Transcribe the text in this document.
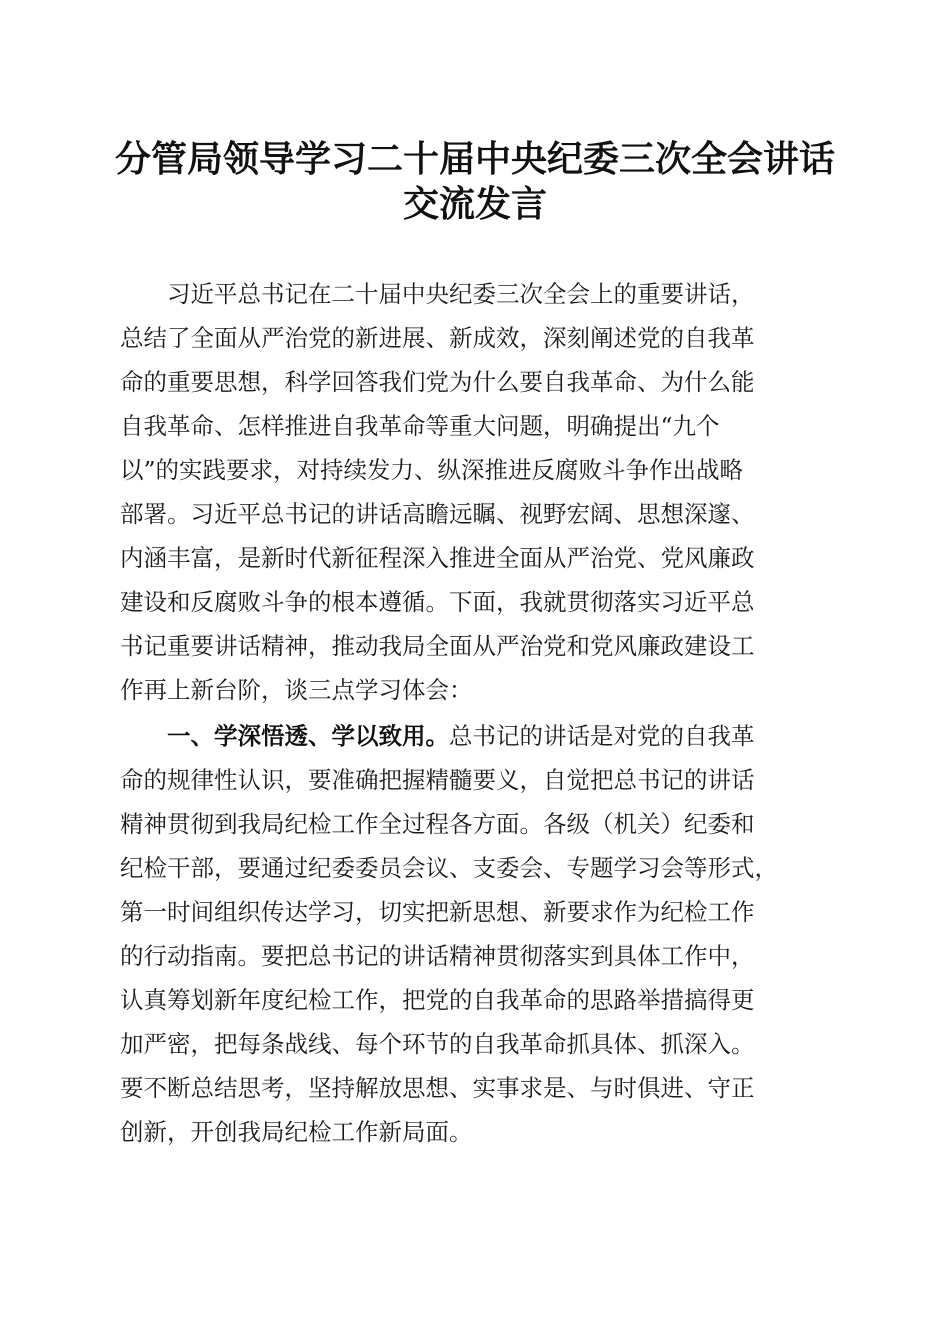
分管局领导学习二十届中央纪委三次全会讲话
交流发言
习近平总书记在二十届中央纪委三次全会上的重要讲话，
总结了全面从严治党的新进展、新成效，深刻阐述党的自我革
命的重要思想，科学回答我们党为什么要自我革命、为什么能
自我革命、怎样推进自我革命等重大问题，明确提出“九个
以”的实践要求，对持续发力、纵深推进反腐败斗争作出战略
部署。习近平总书记的讲话高瞻远瞩、视野宏阔、思想深邃、
内涵丰富，是新时代新征程深入推进全面从严治党、党风廉政
建设和反腐败斗争的根本遵循。下面，我就贯彻落实习近平总
书记重要讲话精神，推动我局全面从严治党和党风廉政建设工
作再上新台阶，谈三点学习体会：
一、学深悟透、学以致用。总书记的讲话是对党的自我革
命的规律性认识，要准确把握精髓要义，自觉把总书记的讲话
精神贯彻到我局纪检工作全过程各方面。各级（机关）纪委和
纪检干部，要通过纪委委员会议、支委会、专题学习会等形式，
第一时间组织传达学习，切实把新思想、新要求作为纪检工作
的行动指南。要把总书记的讲话精神贯彻落实到具体工作中，
认真筹划新年度纪检工作，把党的自我革命的思路举措搞得更
加严密，把每条战线、每个环节的自我革命抓具体、抓深入。
要不断总结思考，坚持解放思想、实事求是、与时俱进、守正
创新，开创我局纪检工作新局面。
